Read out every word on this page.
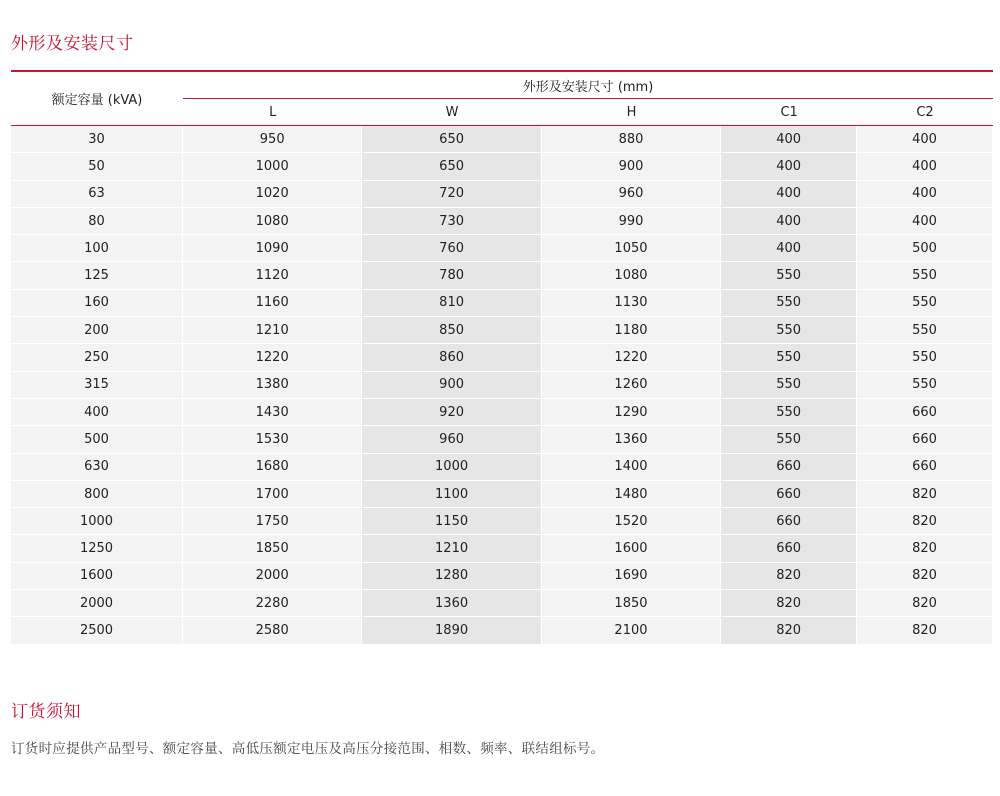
外形及安装尺寸
额定容量 (kVA)	外形及安装尺寸 (mm)				
	L	W	H	C1	C2
30	950	650	880	400	400
50	1000	650	900	400	400
63	1020	720	960	400	400
80	1080	730	990	400	400
100	1090	760	1050	400	500
125	1120	780	1080	550	550
160	1160	810	1130	550	550
200	1210	850	1180	550	550
250	1220	860	1220	550	550
315	1380	900	1260	550	550
400	1430	920	1290	550	660
500	1530	960	1360	550	660
630	1680	1000	1400	660	660
800	1700	1100	1480	660	820
1000	1750	1150	1520	660	820
1250	1850	1210	1600	660	820
1600	2000	1280	1690	820	820
2000	2280	1360	1850	820	820
2500	2580	1890	2100	820	820
订货须知

订货时应提供产品型号、额定容量、高低压额定电压及高压分接范围、相数、频率、联结组标号。
